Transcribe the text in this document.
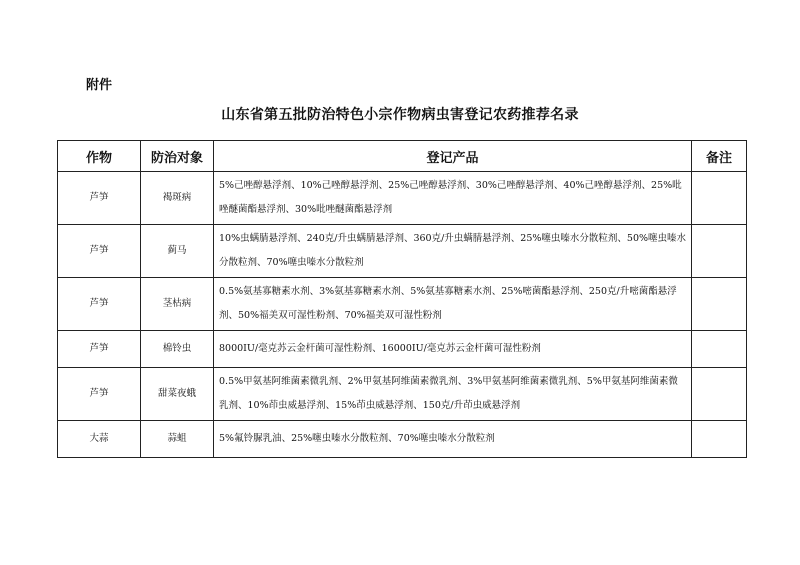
附件
山东省第五批防治特色小宗作物病虫害登记农药推荐名录
作物	防治对象	登记产品	备注
芦笋	褐斑病	5%己唑醇悬浮剂、10%己唑醇悬浮剂、25%己唑醇悬浮剂、30%己唑醇悬浮剂、40%己唑醇悬浮剂、25%吡唑醚菌酯悬浮剂、30%吡唑醚菌酯悬浮剂	
芦笋	蓟马	10%虫螨腈悬浮剂、240克/升虫螨腈悬浮剂、360克/升虫螨腈悬浮剂、25%噻虫嗪水分散粒剂、50%噻虫嗪水分散粒剂、70%噻虫嗪水分散粒剂	
芦笋	茎枯病	0.5%氨基寡糖素水剂、3%氨基寡糖素水剂、5%氨基寡糖素水剂、25%嘧菌酯悬浮剂、250克/升嘧菌酯悬浮剂、50%福美双可湿性粉剂、70%福美双可湿性粉剂	
芦笋	棉铃虫	8000IU/毫克苏云金杆菌可湿性粉剂、16000IU/毫克苏云金杆菌可湿性粉剂	
芦笋	甜菜夜蛾	0.5%甲氨基阿维菌素微乳剂、2%甲氨基阿维菌素微乳剂、3%甲氨基阿维菌素微乳剂、5%甲氨基阿维菌素微乳剂、10%茚虫威悬浮剂、15%茚虫威悬浮剂、150克/升茚虫威悬浮剂	
大蒜	蒜蛆	5%氟铃脲乳油、25%噻虫嗪水分散粒剂、70%噻虫嗪水分散粒剂	
